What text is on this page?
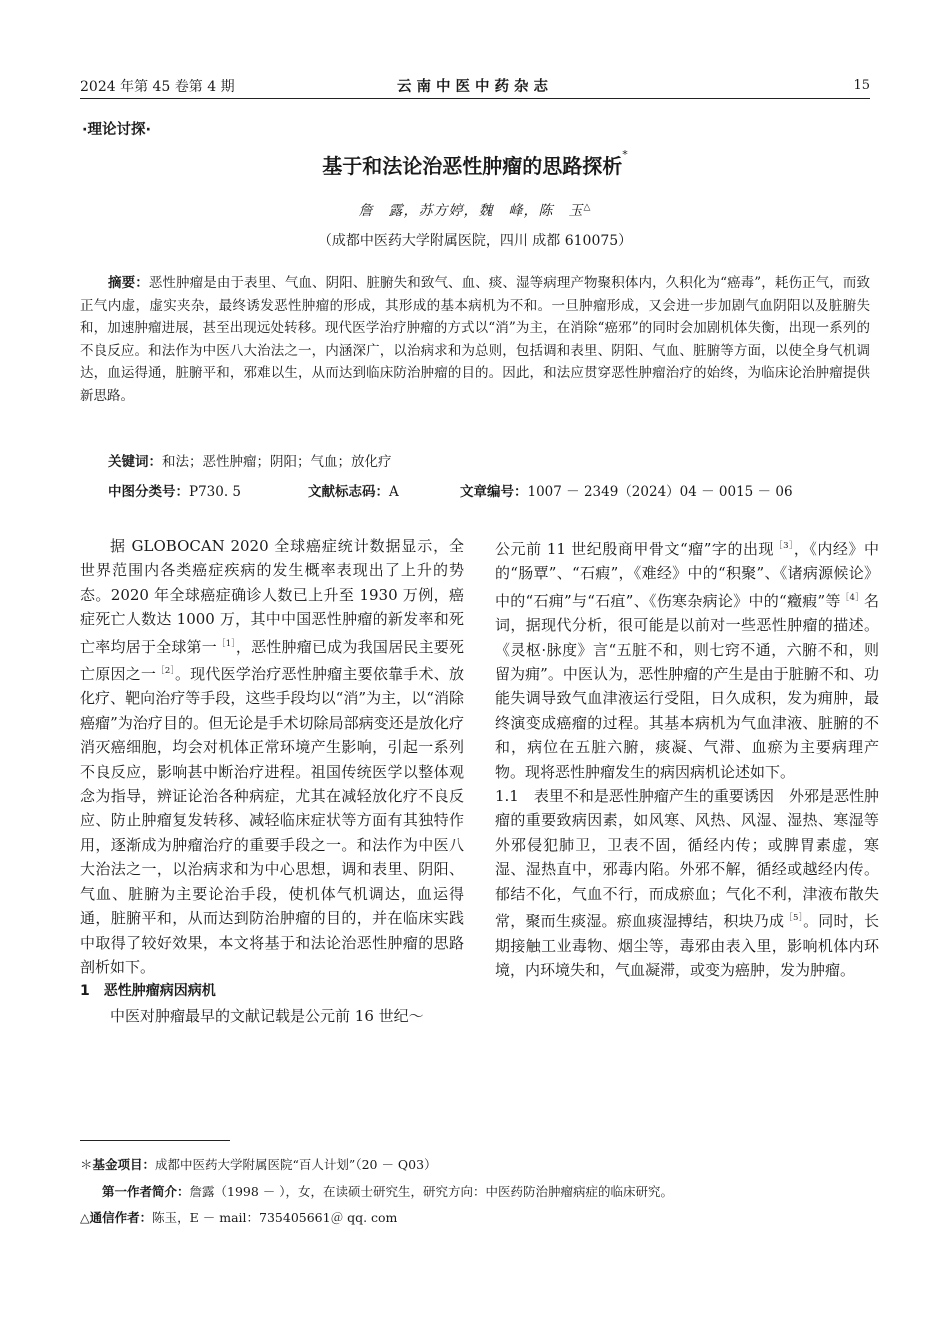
2024 年第 45 卷第 4 期	云南中医中药杂志	15
·理论讨探·
基于和法论治恶性肿瘤的思路探析*
詹　露，苏方婷，魏　峰，陈　玉△
（成都中医药大学附属医院，四川 成都 610075）
摘要：恶性肿瘤是由于表里、气血、阴阳、脏腑失和致气、血、痰、湿等病理产物聚积体内，久积化为“癌毒”，耗伤正气，而致正气内虚，虚实夹杂，最终诱发恶性肿瘤的形成，其形成的基本病机为不和。一旦肿瘤形成，又会进一步加剧气血阴阳以及脏腑失和，加速肿瘤进展，甚至出现远处转移。现代医学治疗肿瘤的方式以“消”为主，在消除“癌邪”的同时会加剧机体失衡，出现一系列的不良反应。和法作为中医八大治法之一，内涵深广，以治病求和为总则，包括调和表里、阴阳、气血、脏腑等方面，以使全身气机调达，血运得通，脏腑平和，邪难以生，从而达到临床防治肿瘤的目的。因此，和法应贯穿恶性肿瘤治疗的始终，为临床论治肿瘤提供新思路。
关键词：和法；恶性肿瘤；阴阳；气血；放化疗
中图分类号：P730. 5	文献标志码：A	文章编号：1007 － 2349（2024）04 － 0015 － 06

据 GLOBOCAN 2020 全球癌症统计数据显示，全世界范围内各类癌症疾病的发生概率表现出了上升的势态。2020 年全球癌症确诊人数已上升至 1930 万例，癌症死亡人数达 1000 万，其中中国恶性肿瘤的新发率和死亡率均居于全球第一$^{[1]}$，恶性肿瘤已成为我国居民主要死亡原因之一$^{[2]}$。现代医学治疗恶性肿瘤主要依靠手术、放化疗、靶向治疗等手段，这些手段均以“消”为主，以“消除癌瘤”为治疗目的。但无论是手术切除局部病变还是放化疗消灭癌细胞，均会对机体正常环境产生影响，引起一系列不良反应，影响甚中断治疗进程。祖国传统医学以整体观念为指导，辨证论治各种病症，尤其在减轻放化疗不良反应、防止肿瘤复发转移、减轻临床症状等方面有其独特作用，逐渐成为肿瘤治疗的重要手段之一。和法作为中医八大治法之一，以治病求和为中心思想，调和表里、阴阳、气血、脏腑为主要论治手段，使机体气机调达，血运得通，脏腑平和，从而达到防治肿瘤的目的，并在临床实践中取得了较好效果，本文将基于和法论治恶性肿瘤的思路剖析如下。

1　恶性肿瘤病因病机

中医对肿瘤最早的文献记载是公元前 16 世纪～

公元前 11 世纪殷商甲骨文“瘤”字的出现$^{[3]}$，《内经》中的“肠覃”、“石瘕”，《难经》中的“积聚”、《诸病源候论》中的“石痈”与“石疽”、《伤寒杂病论》中的“癥瘕”等$^{[4]}$名词，据现代分析，很可能是以前对一些恶性肿瘤的描述。《灵枢·脉度》言“五脏不和，则七窍不通，六腑不和，则留为痈”。中医认为，恶性肿瘤的产生是由于脏腑不和、功能失调导致气血津液运行受阻，日久成积，发为痈肿，最终演变成癌瘤的过程。其基本病机为气血津液、脏腑的不和，病位在五脏六腑，痰凝、气滞、血瘀为主要病理产物。现将恶性肿瘤发生的病因病机论述如下。

1.1　表里不和是恶性肿瘤产生的重要诱因　外邪是恶性肿瘤的重要致病因素，如风寒、风热、风湿、湿热、寒湿等外邪侵犯肺卫，卫表不固，循经内传；或脾胃素虚，寒湿、湿热直中，邪毒内陷。外邪不解，循经或越经内传。郁结不化，气血不行，而成瘀血；气化不利，津液布散失常，聚而生痰湿。瘀血痰湿搏结，积块乃成$^{[5]}$。同时，长期接触工业毒物、烟尘等，毒邪由表入里，影响机体内环境，内环境失和，气血凝滞，或变为癌肿，发为肿瘤。

＊基金项目：成都中医药大学附属医院“百人计划”（20 － Q03）
第一作者简介：詹露（1998 － ），女，在读硕士研究生，研究方向：中医药防治肿瘤病症的临床研究。
△通信作者：陈玉，E － mail：735405661＠ qq. com
